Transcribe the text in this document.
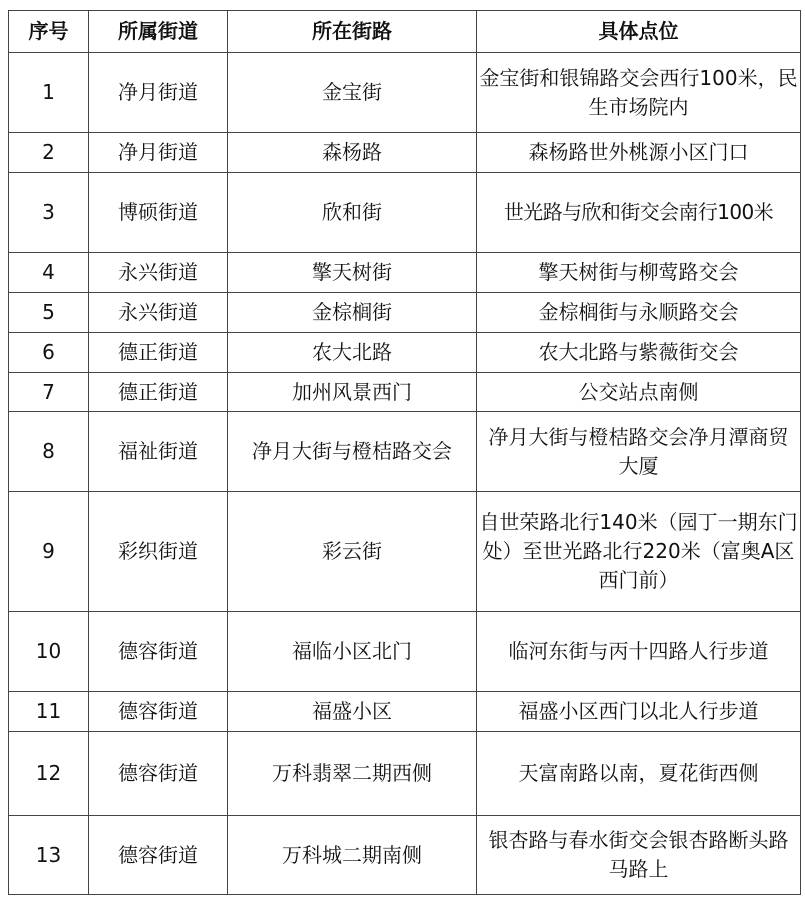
序号	所属街道	所在街路	具体点位
1	净月街道	金宝街	金宝街和银锦路交会西行100米，民生市场院内
2	净月街道	森杨路	森杨路世外桃源小区门口
3	博硕街道	欣和街	世光路与欣和街交会南行100米
4	永兴街道	擎天树街	擎天树街与柳莺路交会
5	永兴街道	金棕榈街	金棕榈街与永顺路交会
6	德正街道	农大北路	农大北路与紫薇街交会
7	德正街道	加州风景西门	公交站点南侧
8	福祉街道	净月大街与橙桔路交会	净月大街与橙桔路交会净月潭商贸大厦
9	彩织街道	彩云街	自世荣路北行140米（园丁一期东门处）至世光路北行220米（富奥A区西门前）
10	德容街道	福临小区北门	临河东街与丙十四路人行步道
11	德容街道	福盛小区	福盛小区西门以北人行步道
12	德容街道	万科翡翠二期西侧	天富南路以南，夏花街西侧
13	德容街道	万科城二期南侧	银杏路与春水街交会银杏路断头路马路上
